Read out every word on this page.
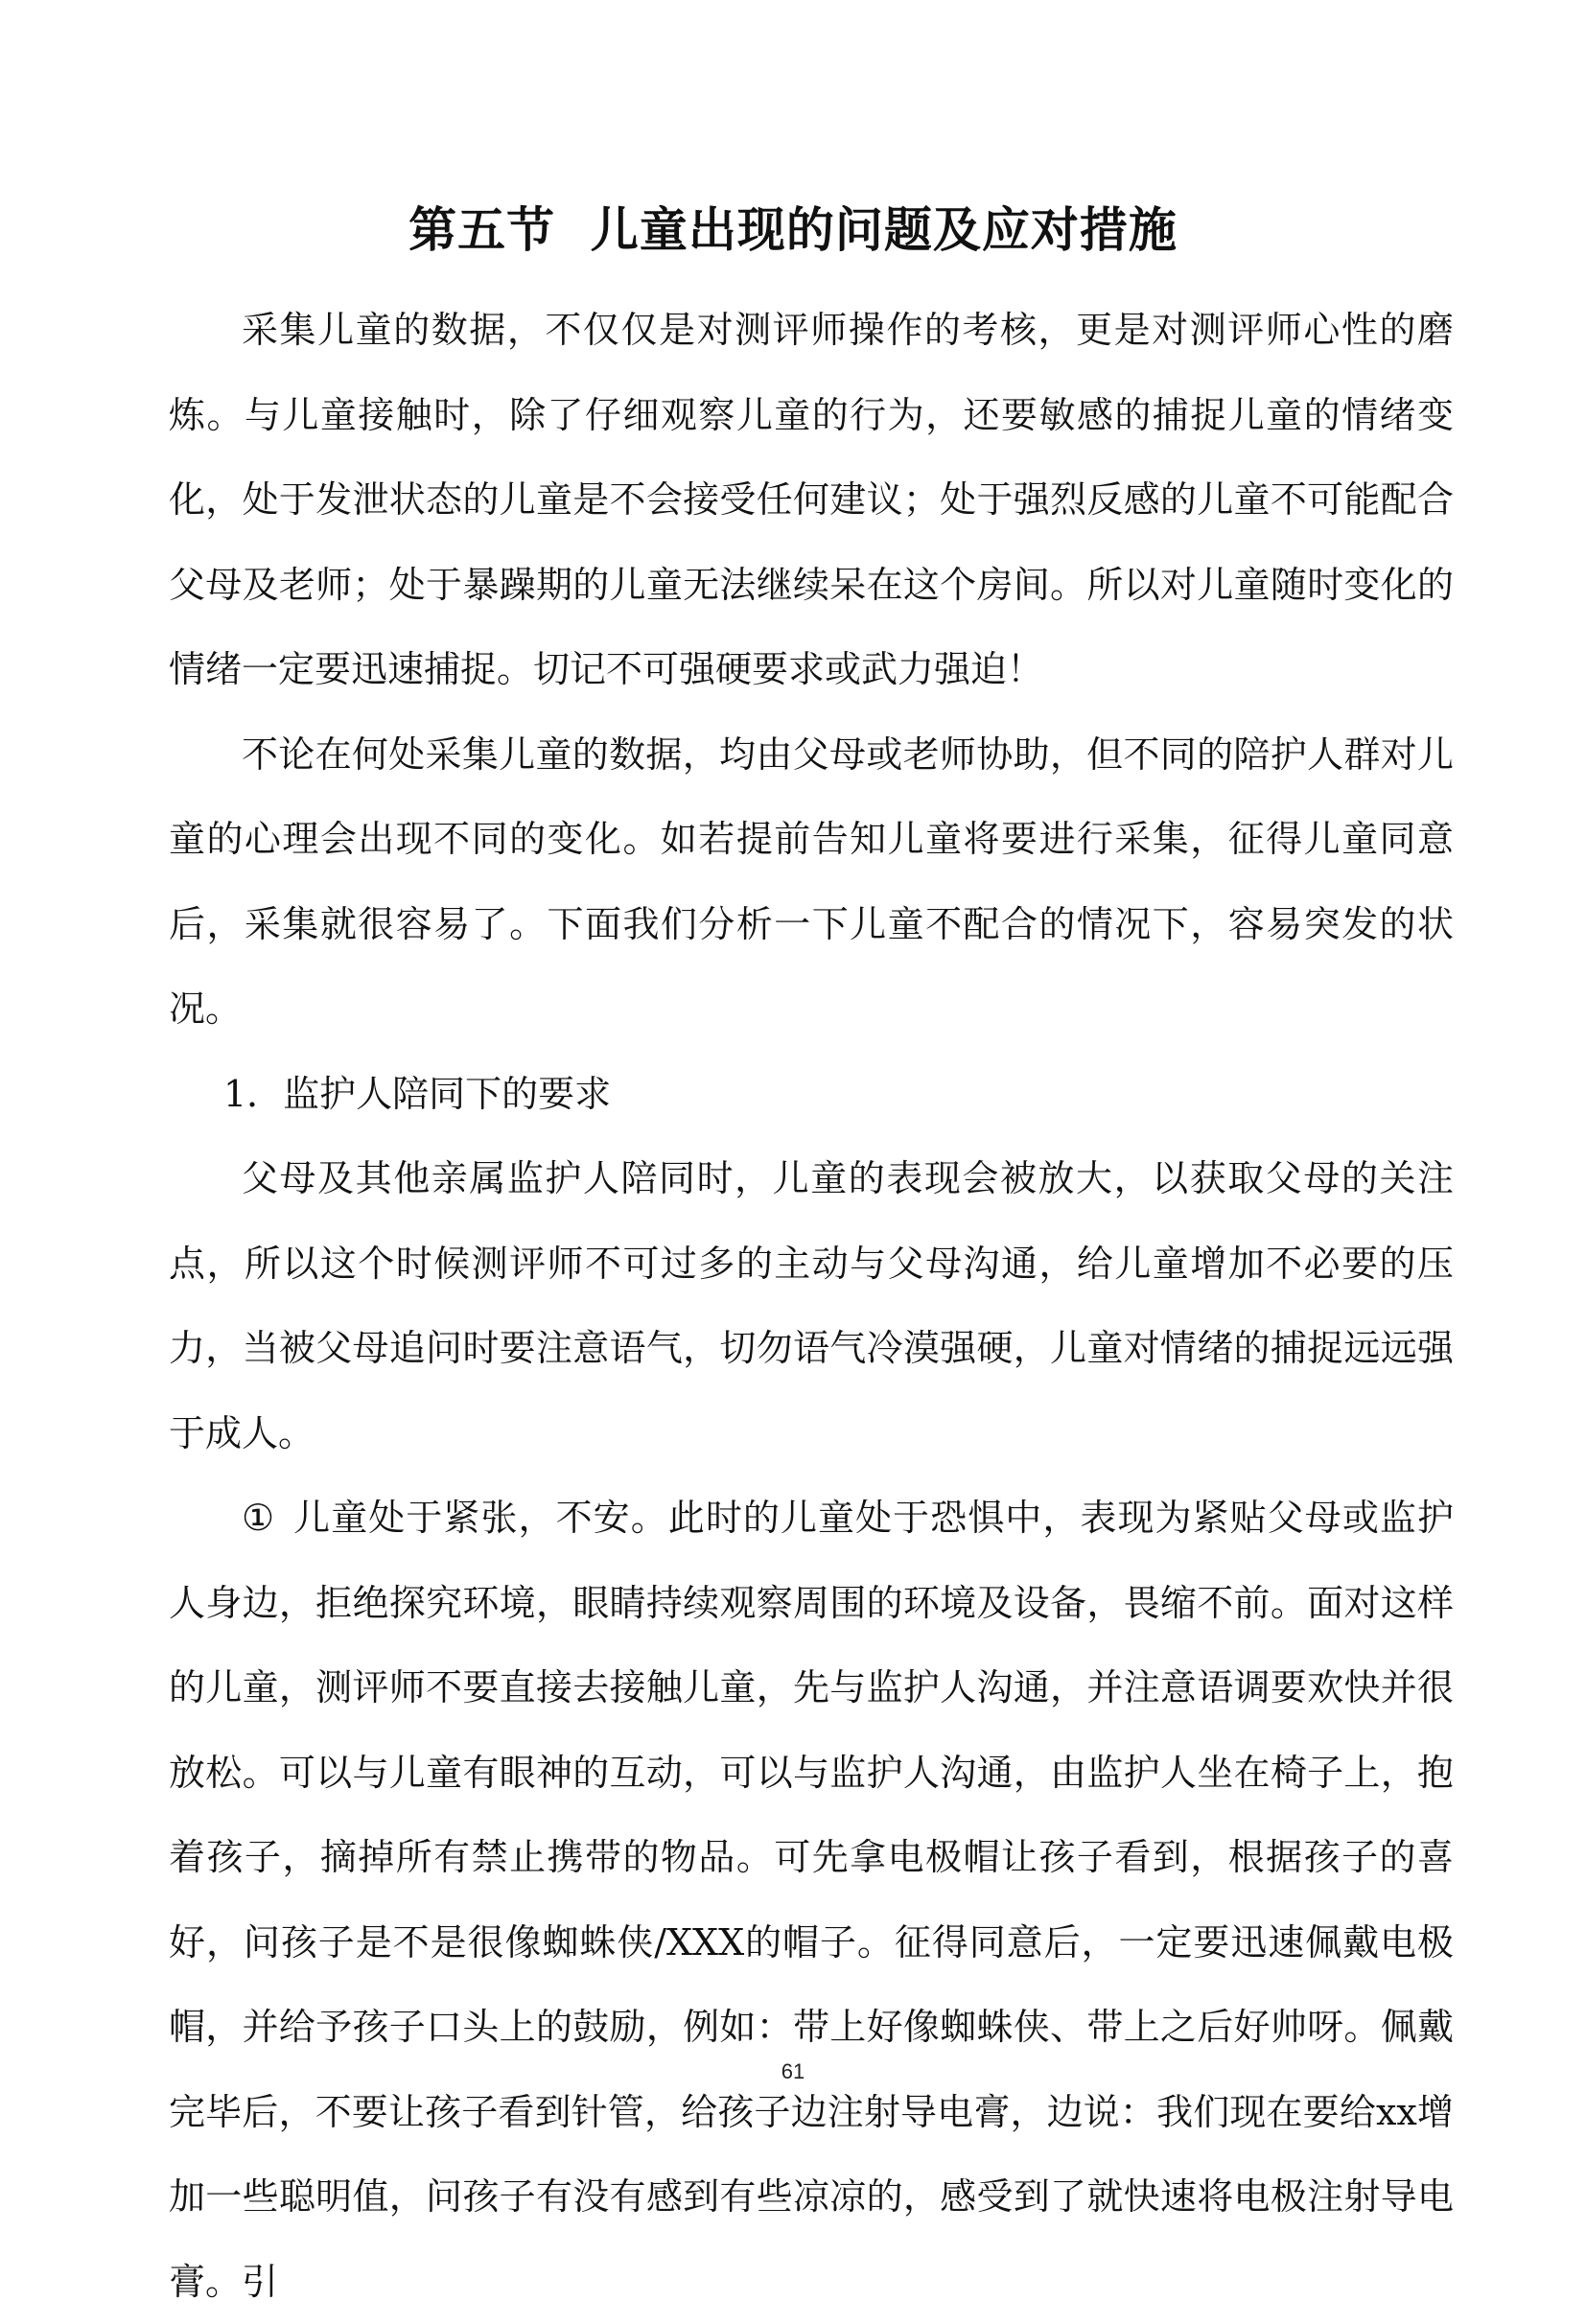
第五节  儿童出现的问题及应对措施

采集儿童的数据，不仅仅是对测评师操作的考核，更是对测评师心性的磨炼。与儿童接触时，除了仔细观察儿童的行为，还要敏感的捕捉儿童的情绪变化，处于发泄状态的儿童是不会接受任何建议；处于强烈反感的儿童不可能配合父母及老师；处于暴躁期的儿童无法继续呆在这个房间。所以对儿童随时变化的情绪一定要迅速捕捉。切记不可强硬要求或武力强迫！

不论在何处采集儿童的数据，均由父母或老师协助，但不同的陪护人群对儿童的心理会出现不同的变化。如若提前告知儿童将要进行采集，征得儿童同意后，采集就很容易了。下面我们分析一下儿童不配合的情况下，容易突发的状况。

1．监护人陪同下的要求

父母及其他亲属监护人陪同时，儿童的表现会被放大，以获取父母的关注点，所以这个时候测评师不可过多的主动与父母沟通，给儿童增加不必要的压力，当被父母追问时要注意语气，切勿语气冷漠强硬，儿童对情绪的捕捉远远强于成人。

① 儿童处于紧张，不安。此时的儿童处于恐惧中，表现为紧贴父母或监护人身边，拒绝探究环境，眼睛持续观察周围的环境及设备，畏缩不前。面对这样的儿童，测评师不要直接去接触儿童，先与监护人沟通，并注意语调要欢快并很放松。可以与儿童有眼神的互动，可以与监护人沟通，由监护人坐在椅子上，抱着孩子，摘掉所有禁止携带的物品。可先拿电极帽让孩子看到，根据孩子的喜好，问孩子是不是很像蜘蛛侠/XXX的帽子。征得同意后，一定要迅速佩戴电极帽，并给予孩子口头上的鼓励，例如：带上好像蜘蛛侠、带上之后好帅呀。佩戴完毕后，不要让孩子看到针管，给孩子边注射导电膏，边说：我们现在要给xx增加一些聪明值，问孩子有没有感到有些凉凉的，感受到了就快速将电极注射导电膏。引

61
